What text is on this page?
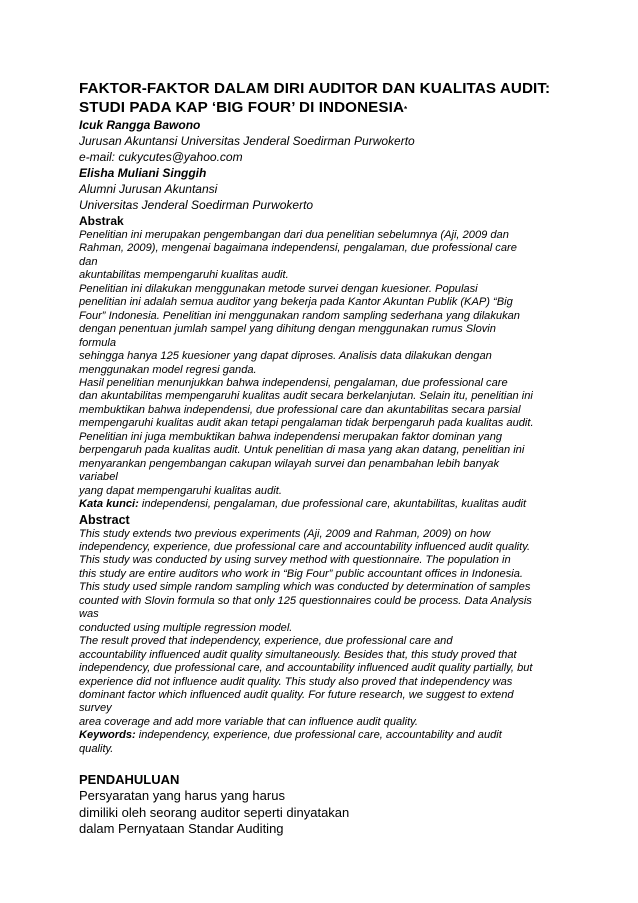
FAKTOR-FAKTOR DALAM DIRI AUDITOR DAN KUALITAS AUDIT:
STUDI PADA KAP ‘BIG FOUR’ DI INDONESIA*
Icuk Rangga Bawono
Jurusan Akuntansi Universitas Jenderal Soedirman Purwokerto
e-mail: cukycutes@yahoo.com
Elisha Muliani Singgih
Alumni Jurusan Akuntansi
Universitas Jenderal Soedirman Purwokerto
Abstrak

Penelitian ini merupakan pengembangan dari dua penelitian sebelumnya (Aji, 2009 dan

Rahman, 2009), mengenai bagaimana independensi, pengalaman, due professional care

dan

akuntabilitas mempengaruhi kualitas audit.

Penelitian ini dilakukan menggunakan metode survei dengan kuesioner. Populasi

penelitian ini adalah semua auditor yang bekerja pada Kantor Akuntan Publik (KAP) “Big

Four” Indonesia. Penelitian ini menggunakan random sampling sederhana yang dilakukan

dengan penentuan jumlah sampel yang dihitung dengan menggunakan rumus Slovin

formula

sehingga hanya 125 kuesioner yang dapat diproses. Analisis data dilakukan dengan

menggunakan model regresi ganda.

Hasil penelitian menunjukkan bahwa independensi, pengalaman, due professional care

dan akuntabilitas mempengaruhi kualitas audit secara berkelanjutan. Selain itu, penelitian ini

membuktikan bahwa independensi, due professional care dan akuntabilitas secara parsial

mempengaruhi kualitas audit akan tetapi pengalaman tidak berpengaruh pada kualitas audit.

Penelitian ini juga membuktikan bahwa independensi merupakan faktor dominan yang

berpengaruh pada kualitas audit. Untuk penelitian di masa yang akan datang, penelitian ini

menyarankan pengembangan cakupan wilayah survei dan penambahan lebih banyak

variabel

yang dapat mempengaruhi kualitas audit.

Kata kunci: independensi, pengalaman, due professional care, akuntabilitas, kualitas audit

Abstract

This study extends two previous experiments (Aji, 2009 and Rahman, 2009) on how

independency, experience, due professional care and accountability influenced audit quality.

This study was conducted by using survey method with questionnaire. The population in

this study are entire auditors who work in “Big Four” public accountant offices in Indonesia.

This study used simple random sampling which was conducted by determination of samples

counted with Slovin formula so that only 125 questionnaires could be process. Data Analysis

was

conducted using multiple regression model.

The result proved that independency, experience, due professional care and

accountability influenced audit quality simultaneously. Besides that, this study proved that

independency, due professional care, and accountability influenced audit quality partially, but

experience did not influence audit quality. This study also proved that independency was

dominant factor which influenced audit quality. For future research, we suggest to extend

survey

area coverage and add more variable that can influence audit quality.

Keywords: independency, experience, due professional care, accountability and audit
quality.

PENDAHULUAN

Persyaratan yang harus yang harus

dimiliki oleh seorang auditor seperti dinyatakan

dalam Pernyataan Standar Auditing
